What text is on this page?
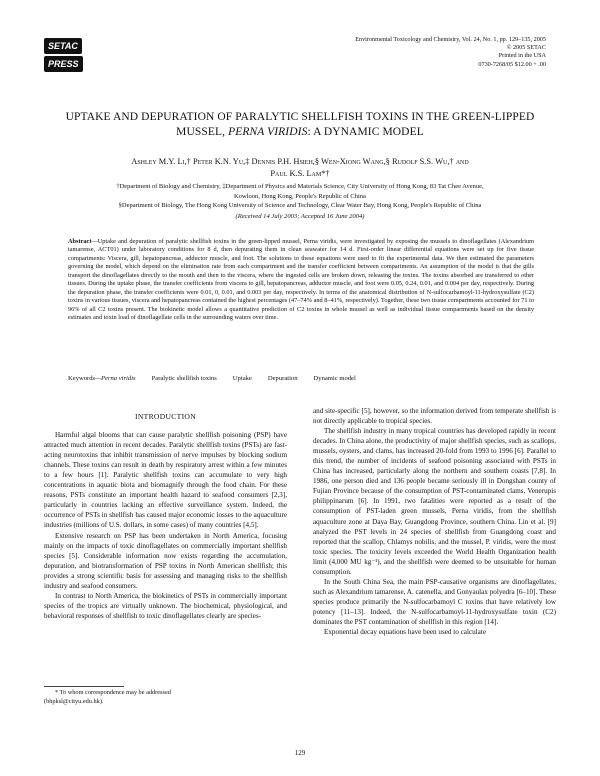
SETACPRESS
Environmental Toxicology and Chemistry, Vol. 24, No. 1, pp. 129–135, 2005
© 2005 SETAC
Printed in the USA
0730-7268/05 $12.00 + .00
UPTAKE AND DEPURATION OF PARALYTIC SHELLFISH TOXINS IN THE GREEN-LIPPED MUSSEL, PERNA VIRIDIS: A DYNAMIC MODEL
Ashley M.Y. Li,† Peter K.N. Yu,‡ Dennis P.H. Hsieh,§ Wen-Xiong Wang,§ Rudolf S.S. Wu,† and
Paul K.S. Lam*†
†Department of Biology and Chemistry, ‡Department of Physics and Materials Science, City University of Hong Kong, 83 Tat Chee Avenue,
Kowloon, Hong Kong, People's Republic of China
§Department of Biology, The Hong Kong University of Science and Technology, Clear Water Bay, Hong Kong, People's Republic of China
(Received 14 July 2003; Accepted 16 June 2004)
Abstract—Uptake and depuration of paralytic shellfish toxins in the green-lipped mussel, Perna viridis, were investigated by exposing the mussels to dinoflagellates (Alexandrium tamarense, ACT01) under laboratory conditions for 8 d, then depurating them in clean seawater for 14 d. First-order linear differential equations were set up for five tissue compartments: Viscera, gill, hepatopancreas, adductor muscle, and foot. The solutions to these equations were used to fit the experimental data. We then estimated the parameters governing the model, which depend on the elimination rate from each compartment and the transfer coefficient between compartments. An assumption of the model is that the gills transport the dinoflagellates directly to the mouth and then to the viscera, where the ingested cells are broken down, releasing the toxins. The toxins absorbed are transferred to other tissues. During the uptake phase, the transfer coefficients from viscera to gill, hepatopancreas, adductor muscle, and foot were 0.05, 0.24, 0.01, and 0.004 per day, respectively. During the depuration phase, the transfer coefficients were 0.01, 0, 0.01, and 0.003 per day, respectively. In terms of the anatomical distribution of N-sulfocarbamoyl-11-hydroxysulfate (C2) toxins in various tissues, viscera and hepatopancreas contained the highest percentages (47–74% and 8–41%, respectively). Together, these two tissue compartments accounted for 71 to 96% of all C2 toxins present. The biokinetic model allows a quantitative prediction of C2 toxins in whole mussel as well as individual tissue compartments based on the density estimates and toxin load of dinoflagellate cells in the surrounding waters over time.
Keywords—Perna viridis Paralytic shellfish toxins Uptake Depuration Dynamic model
INTRODUCTION

Harmful algal blooms that can cause paralytic shellfish poisoning (PSP) have attracted much attention in recent decades. Paralytic shellfish toxins (PSTs) are fast-acting neurotoxins that inhibit transmission of nerve impulses by blocking sodium channels. These toxins can result in death by respiratory arrest within a few minutes to a few hours [1]. Paralytic shellfish toxins can accumulate to very high concentrations in aquatic biota and biomagnify through the food chain. For these reasons, PSTs constitute an important health hazard to seafood consumers [2,3], particularly in countries lacking an effective surveillance system. Indeed, the occurrence of PSTs in shellfish has caused major economic losses to the aquaculture industries (millions of U.S. dollars, in some cases) of many countries [4,5].

Extensive research on PSP has been undertaken in North America, focusing mainly on the impacts of toxic dinoflagellates on commercially important shellfish species [5]. Considerable information now exists regarding the accumulation, depuration, and biotransformation of PSP toxins in North American shellfish; this provides a strong scientific basis for assessing and managing risks to the shellfish industry and seafood consumers.

In contrast to North America, the biokinetics of PSTs in commercially important species of the tropics are virtually unknown. The biochemical, physiological, and behavioral responses of shellfish to toxic dinoflagellates clearly are species-

and site-specific [5], however, so the information derived from temperate shellfish is not directly applicable to tropical species.

The shellfish industry in many tropical countries has developed rapidly in recent decades. In China alone, the productivity of major shellfish species, such as scallops, mussels, oysters, and clams, has increased 20-fold from 1993 to 1996 [6]. Parallel to this trend, the number of incidents of seafood poisoning associated with PSTs in China has increased, particularly along the northern and southern coasts [7,8]. In 1986, one person died and 136 people became seriously ill in Dongshan county of Fujian Province because of the consumption of PST-contaminated clams, Venerupis philippinarum [6]. In 1991, two fatalities were reported as a result of the consumption of PST-laden green mussels, Perna viridis, from the shellfish aquaculture zone at Daya Bay, Guangdong Province, southern China. Lin et al. [9] analyzed the PST levels in 24 species of shellfish from Guangdong coast and reported that the scallop, Chlamys nobilis, and the mussel, P. viridis, were the most toxic species. The toxicity levels exceeded the World Health Organization health limit (4,000 MU kg⁻¹), and the shellfish were deemed to be unsuitable for human consumption.

In the South China Sea, the main PSP-causative organisms are dinoflagellates, such as Alexandrium tamarense, A. catenella, and Gonyaulax polyedra [6–10]. These species produce primarily the N-sulfocarbamoyl C toxins that have relatively low potency [11–13]. Indeed, the N-sulfocarbamoyl-11-hydroxysulfate toxin (C2) dominates the PST contamination of shellfish in this region [14].

Exponential decay equations have been used to calculate

* To whom correspondence may be addressed
(bhpksl@cityu.edu.hk).
129
